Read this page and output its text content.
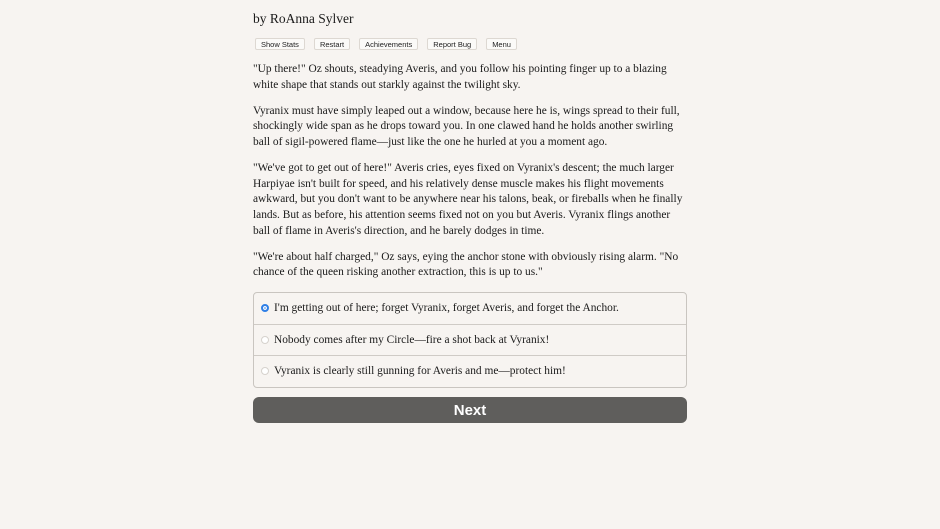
by RoAnna Sylver
Show Stats	Restart	Achievements	Report Bug	Menu

"Up there!" Oz shouts, steadying Averis, and you follow his pointing finger up to a blazing white shape that stands out starkly against the twilight sky.

Vyranix must have simply leaped out a window, because here he is, wings spread to their full, shockingly wide span as he drops toward you. In one clawed hand he holds another swirling ball of sigil-powered flame—just like the one he hurled at you a moment ago.

"We've got to get out of here!" Averis cries, eyes fixed on Vyranix's descent; the much larger Harpiyae isn't built for speed, and his relatively dense muscle makes his flight movements awkward, but you don't want to be anywhere near his talons, beak, or fireballs when he finally lands. But as before, his attention seems fixed not on you but Averis. Vyranix flings another ball of flame in Averis's direction, and he barely dodges in time.

"We're about half charged," Oz says, eying the anchor stone with obviously rising alarm. "No chance of the queen risking another extraction, this is up to us."

I'm getting out of here; forget Vyranix, forget Averis, and forget the Anchor.
Nobody comes after my Circle—fire a shot back at Vyranix!
Vyranix is clearly still gunning for Averis and me—protect him!
Next
